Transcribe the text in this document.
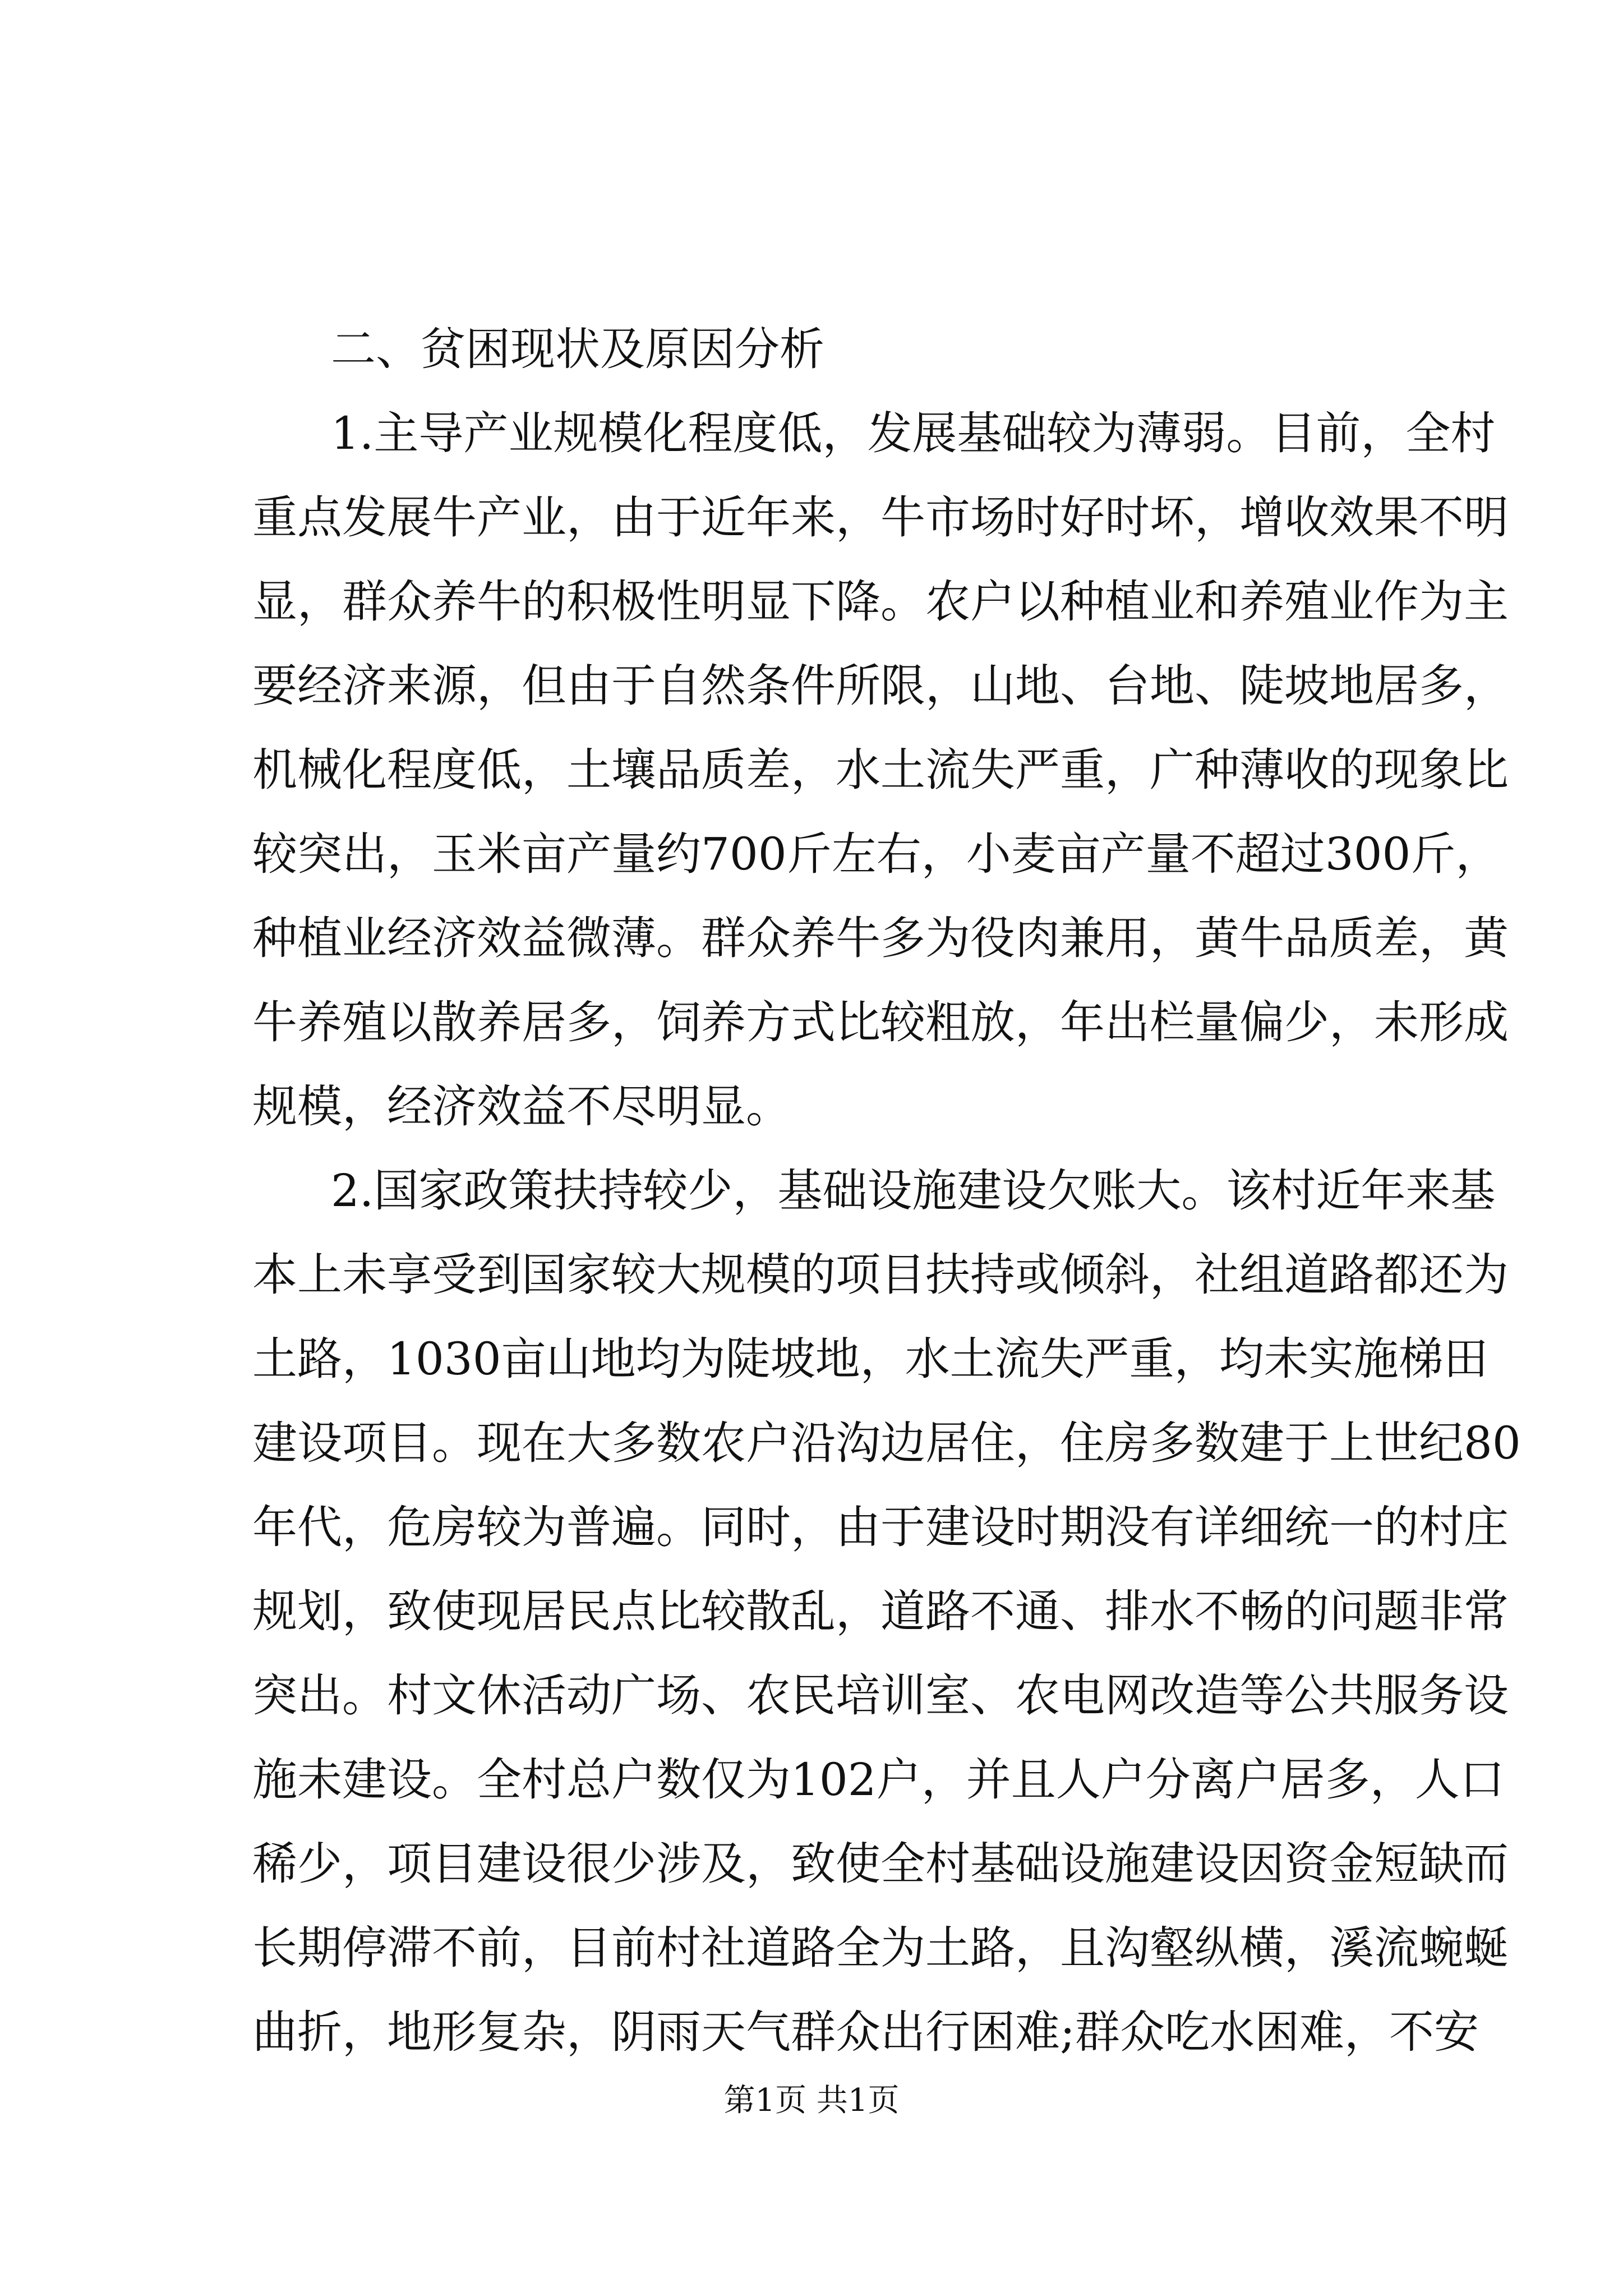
二、贫困现状及原因分析
1.主导产业规模化程度低，发展基础较为薄弱。目前，全村
重点发展牛产业，由于近年来，牛市场时好时坏，增收效果不明
显，群众养牛的积极性明显下降。农户以种植业和养殖业作为主
要经济来源，但由于自然条件所限，山地、台地、陡坡地居多，
机械化程度低，土壤品质差，水土流失严重，广种薄收的现象比
较突出，玉米亩产量约700斤左右，小麦亩产量不超过300斤，
种植业经济效益微薄。群众养牛多为役肉兼用，黄牛品质差，黄
牛养殖以散养居多，饲养方式比较粗放，年出栏量偏少，未形成
规模，经济效益不尽明显。
2.国家政策扶持较少，基础设施建设欠账大。该村近年来基
本上未享受到国家较大规模的项目扶持或倾斜，社组道路都还为
土路，1030亩山地均为陡坡地，水土流失严重，均未实施梯田
建设项目。现在大多数农户沿沟边居住，住房多数建于上世纪80
年代，危房较为普遍。同时，由于建设时期没有详细统一的村庄
规划，致使现居民点比较散乱，道路不通、排水不畅的问题非常
突出。村文休活动广场、农民培训室、农电网改造等公共服务设
施未建设。全村总户数仅为102户，并且人户分离户居多，人口
稀少，项目建设很少涉及，致使全村基础设施建设因资金短缺而
长期停滞不前，目前村社道路全为土路，且沟壑纵横，溪流蜿蜒
曲折，地形复杂，阴雨天气群众出行困难;群众吃水困难，不安
第1页 共1页
